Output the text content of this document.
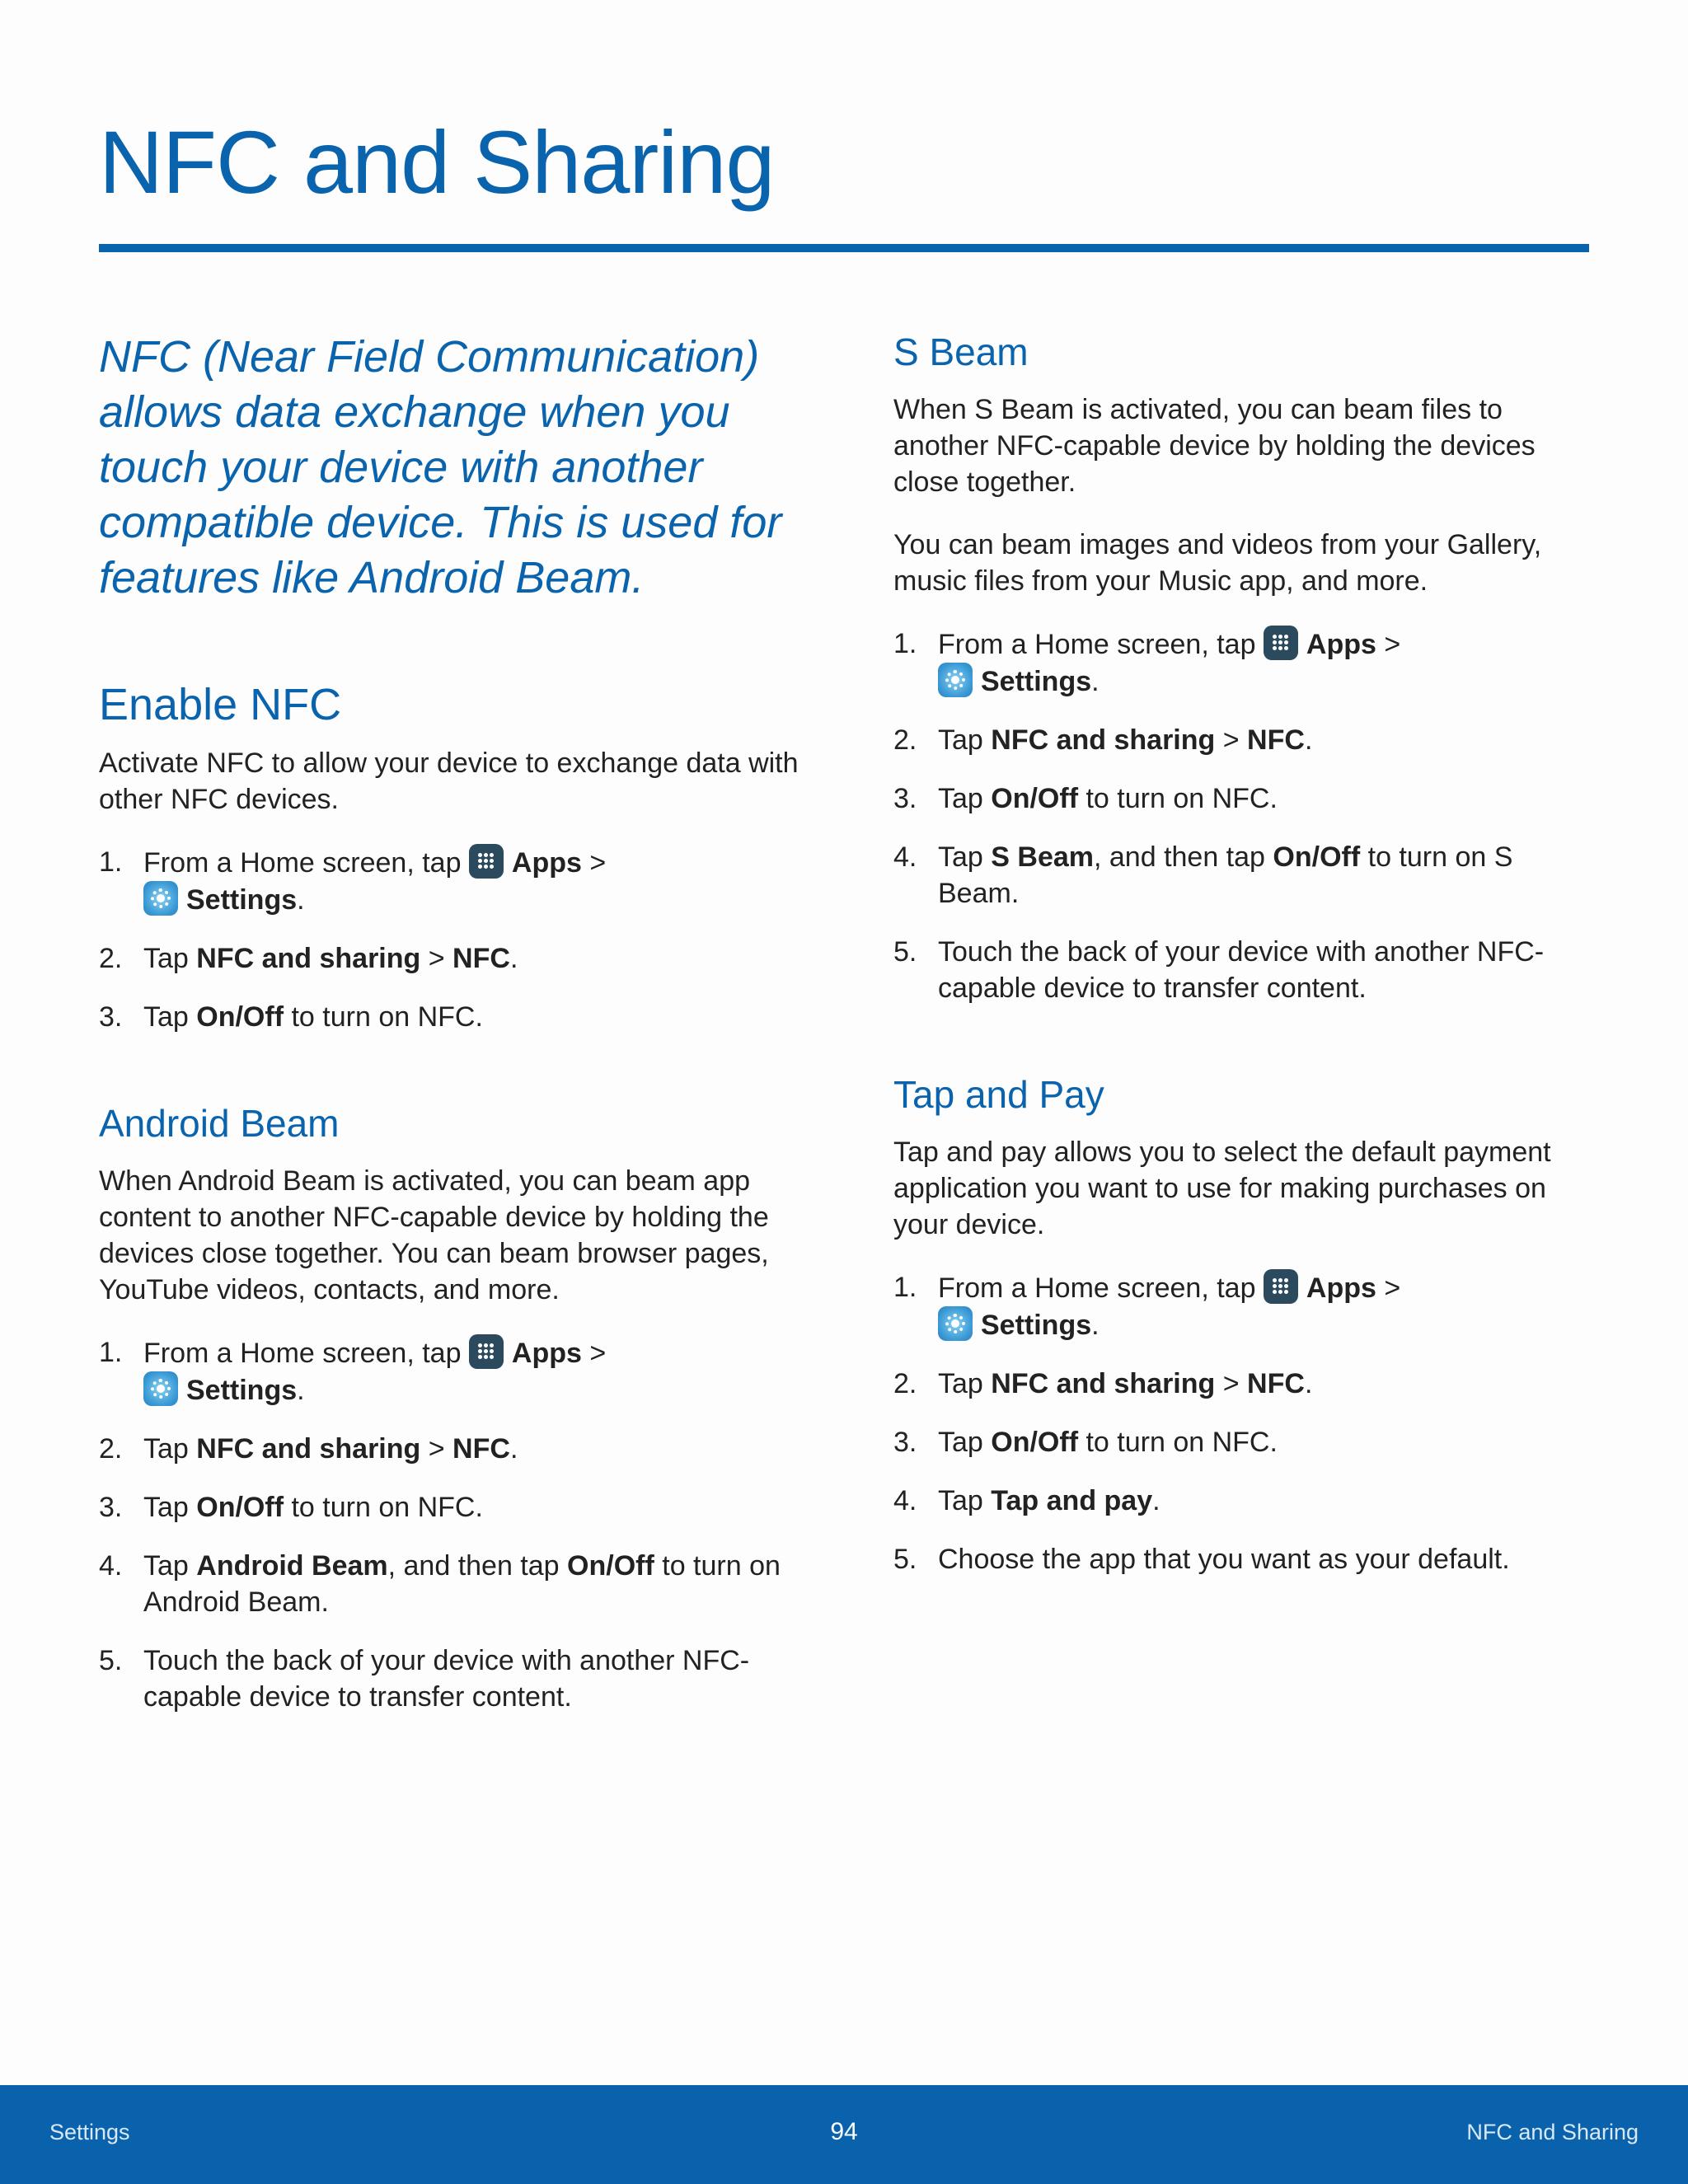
NFC and Sharing

NFC (Near Field Communication) allows data exchange when you touch your device with another compatible device. This is used for features like Android Beam.

Enable NFC

Activate NFC to allow your device to exchange data with other NFC devices.

1. From a Home screen, tap
Apps >

Settings.
2. Tap NFC and sharing > NFC.
3. Tap On/Off to turn on NFC.
Android Beam

When Android Beam is activated, you can beam app content to another NFC-capable device by holding the devices close together. You can beam browser pages, YouTube videos, contacts, and more.

1. From a Home screen, tap
Apps >

Settings.
2. Tap NFC and sharing > NFC.
3. Tap On/Off to turn on NFC.
4. Tap Android Beam, and then tap On/Off to turn on Android Beam.
5. Touch the back of your device with another NFC-capable device to transfer content.
S Beam

When S Beam is activated, you can beam files to another NFC-capable device by holding the devices close together.

You can beam images and videos from your Gallery, music files from your Music app, and more.

1. From a Home screen, tap
Apps >

Settings.
2. Tap NFC and sharing > NFC.
3. Tap On/Off to turn on NFC.
4. Tap S Beam, and then tap On/Off to turn on S Beam.
5. Touch the back of your device with another NFC-capable device to transfer content.
Tap and Pay

Tap and pay allows you to select the default payment application you want to use for making purchases on your device.

1. From a Home screen, tap
Apps >

Settings.
2. Tap NFC and sharing > NFC.
3. Tap On/Off to turn on NFC.
4. Tap Tap and pay.
5. Choose the app that you want as your default.
Settings	94	NFC and Sharing
